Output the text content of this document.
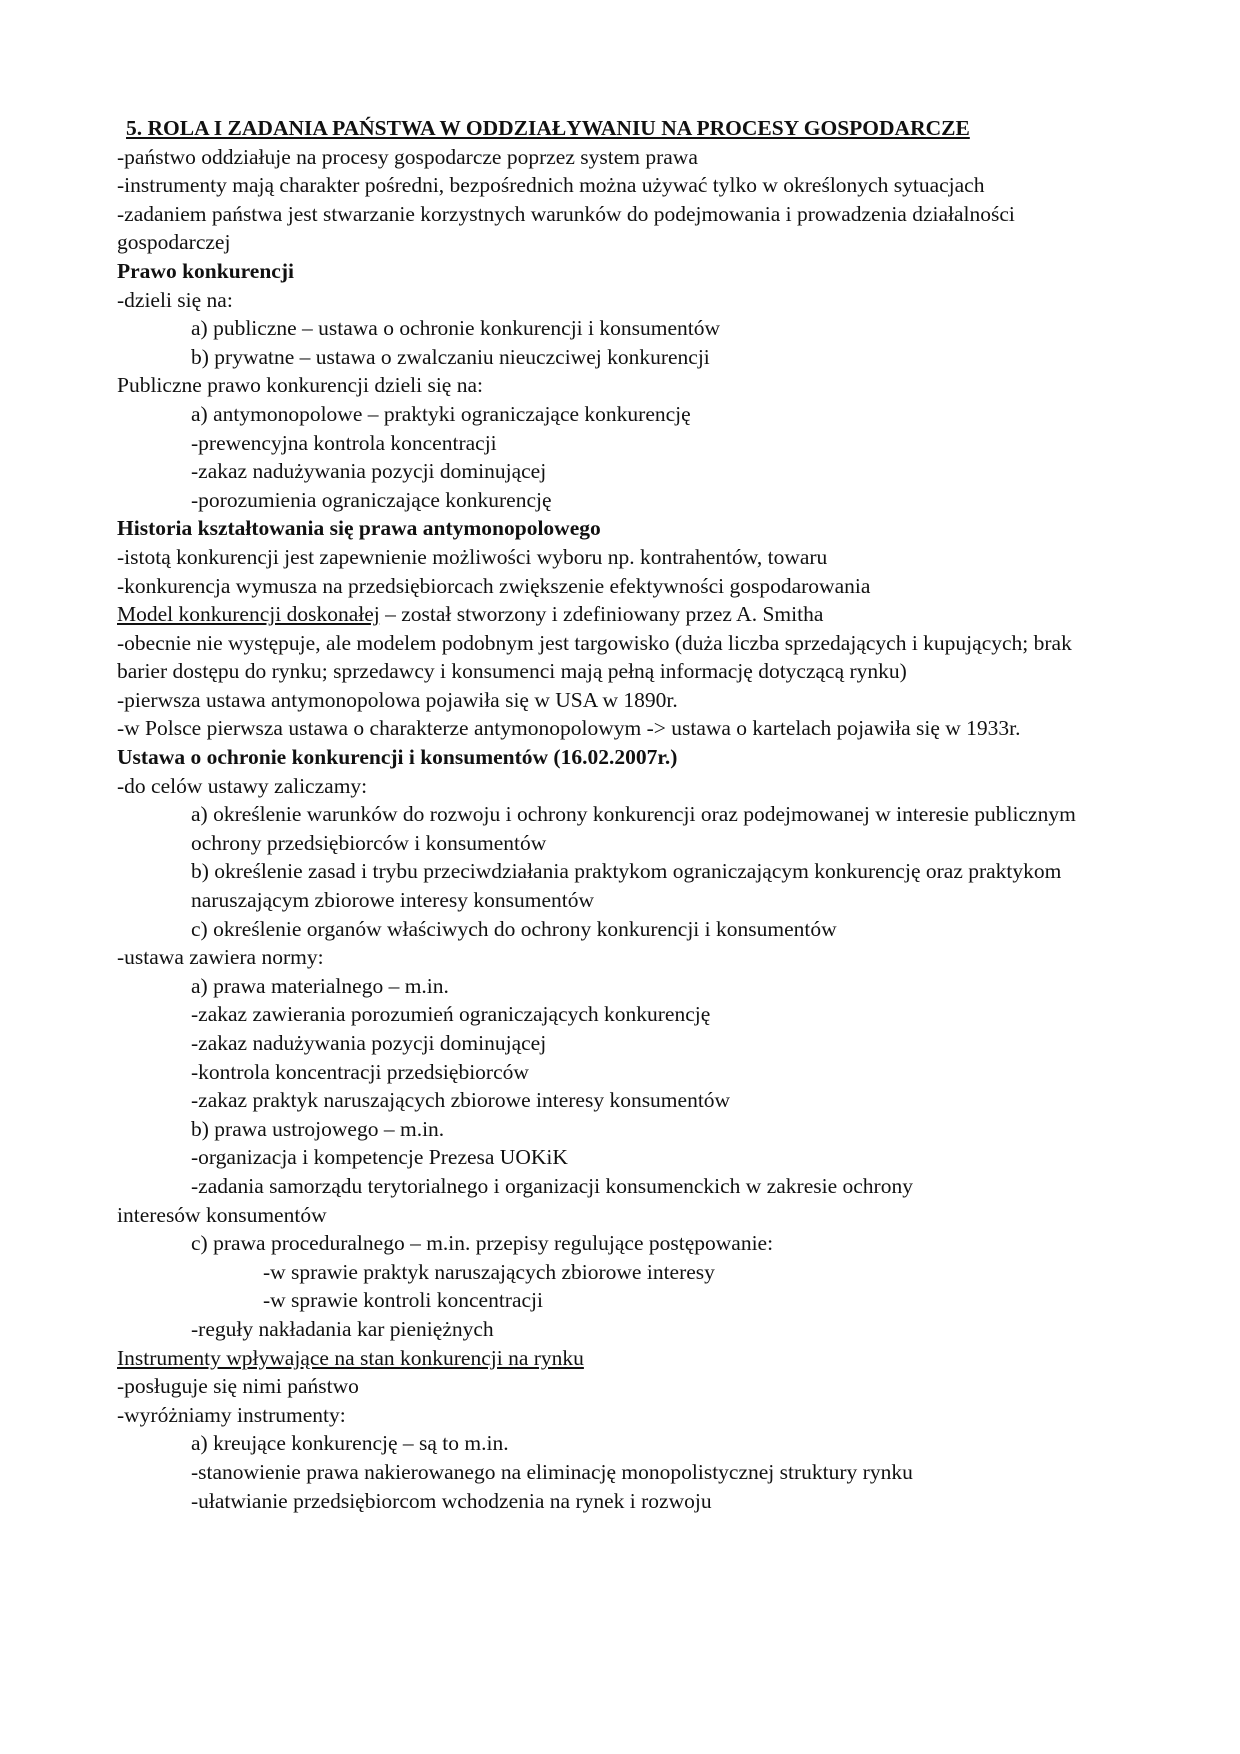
5. ROLA I ZADANIA PAŃSTWA W ODDZIAŁYWANIU NA PROCESY GOSPODARCZE
-państwo oddziałuje na procesy gospodarcze poprzez system prawa
-instrumenty mają charakter pośredni, bezpośrednich można używać tylko w określonych sytuacjach
-zadaniem państwa jest stwarzanie korzystnych warunków do podejmowania i prowadzenia działalności gospodarczej
Prawo konkurencji
-dzieli się na:
a) publiczne – ustawa o ochronie konkurencji i konsumentów
b) prywatne – ustawa o zwalczaniu nieuczciwej konkurencji
Publiczne prawo konkurencji dzieli się na:
a) antymonopolowe – praktyki ograniczające konkurencję
-prewencyjna kontrola koncentracji
-zakaz nadużywania pozycji dominującej
-porozumienia ograniczające konkurencję
Historia kształtowania się prawa antymonopolowego
-istotą konkurencji jest zapewnienie możliwości wyboru np. kontrahentów, towaru
-konkurencja wymusza na przedsiębiorcach zwiększenie efektywności gospodarowania
Model konkurencji doskonałej – został stworzony i zdefiniowany przez A. Smitha
-obecnie nie występuje, ale modelem podobnym jest targowisko (duża liczba sprzedających i kupujących; brak barier dostępu do rynku; sprzedawcy i konsumenci mają pełną informację dotyczącą rynku)
-pierwsza ustawa antymonopolowa pojawiła się w USA w 1890r.
-w Polsce pierwsza ustawa o charakterze antymonopolowym -> ustawa o kartelach pojawiła się w 1933r.
Ustawa o ochronie konkurencji i konsumentów (16.02.2007r.)
-do celów ustawy zaliczamy:
a) określenie warunków do rozwoju i ochrony konkurencji oraz podejmowanej w interesie publicznym ochrony przedsiębiorców i konsumentów
b) określenie zasad i trybu przeciwdziałania praktykom ograniczającym konkurencję oraz praktykom naruszającym zbiorowe interesy konsumentów
c) określenie organów właściwych do ochrony konkurencji i konsumentów
-ustawa zawiera normy:
a) prawa materialnego – m.in.
-zakaz zawierania porozumień ograniczających konkurencję
-zakaz nadużywania pozycji dominującej
-kontrola koncentracji przedsiębiorców
-zakaz praktyk naruszających zbiorowe interesy konsumentów
b) prawa ustrojowego – m.in.
-organizacja i kompetencje Prezesa UOKiK
-zadania samorządu terytorialnego i organizacji konsumenckich w zakresie ochrony
interesów konsumentów
c) prawa proceduralnego – m.in. przepisy regulujące postępowanie:
-w sprawie praktyk naruszających zbiorowe interesy
-w sprawie kontroli koncentracji
-reguły nakładania kar pieniężnych
Instrumenty wpływające na stan konkurencji na rynku
-posługuje się nimi państwo
-wyróżniamy instrumenty:
a) kreujące konkurencję – są to m.in.
-stanowienie prawa nakierowanego na eliminację monopolistycznej struktury rynku
-ułatwianie przedsiębiorcom wchodzenia na rynek i rozwoju
